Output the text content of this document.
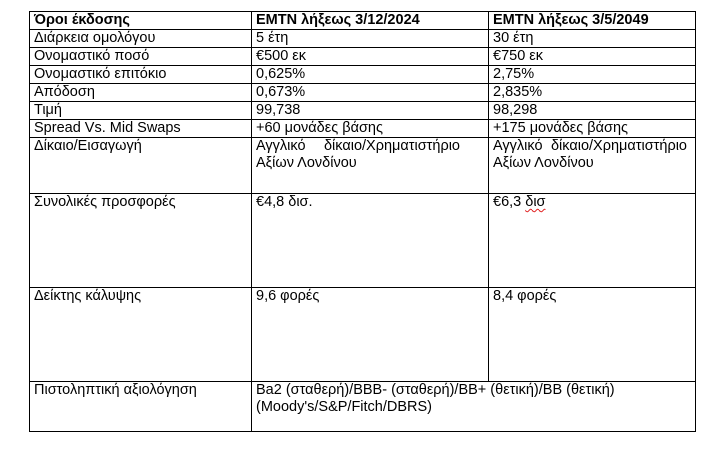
Όροι έκδοσης	EMTN λήξεως 3/12/2024	EMTN λήξεως 3/5/2049
Διάρκεια ομολόγου	5 έτη	30 έτη
Ονομαστικό ποσό	€500 εκ	€750 εκ
Ονομαστικό επιτόκιο	0,625%	2,75%
Απόδοση	0,673%	2,835%
Τιμή	99,738	98,298
Spread Vs. Mid Swaps	+60 μονάδες βάσης	+175 μονάδες βάσης
Δίκαιο/Εισαγωγή	Αγγλικό δίκαιο/Χρηματιστήριο Αξίων Λονδίνου	Αγγλικό δίκαιο/Χρηματιστήριο Αξίων Λονδίνου
Συνολικές προσφορές	€4,8 δισ.	€6,3 δισ
Δείκτης κάλυψης	9,6 φορές	8,4 φορές
Πιστοληπτική αξιολόγηση	Ba2 (σταθερή)/BBB- (σταθερή)/BB+ (θετική)/BB (θετική) (Moody's/S&P/Fitch/DBRS)	
